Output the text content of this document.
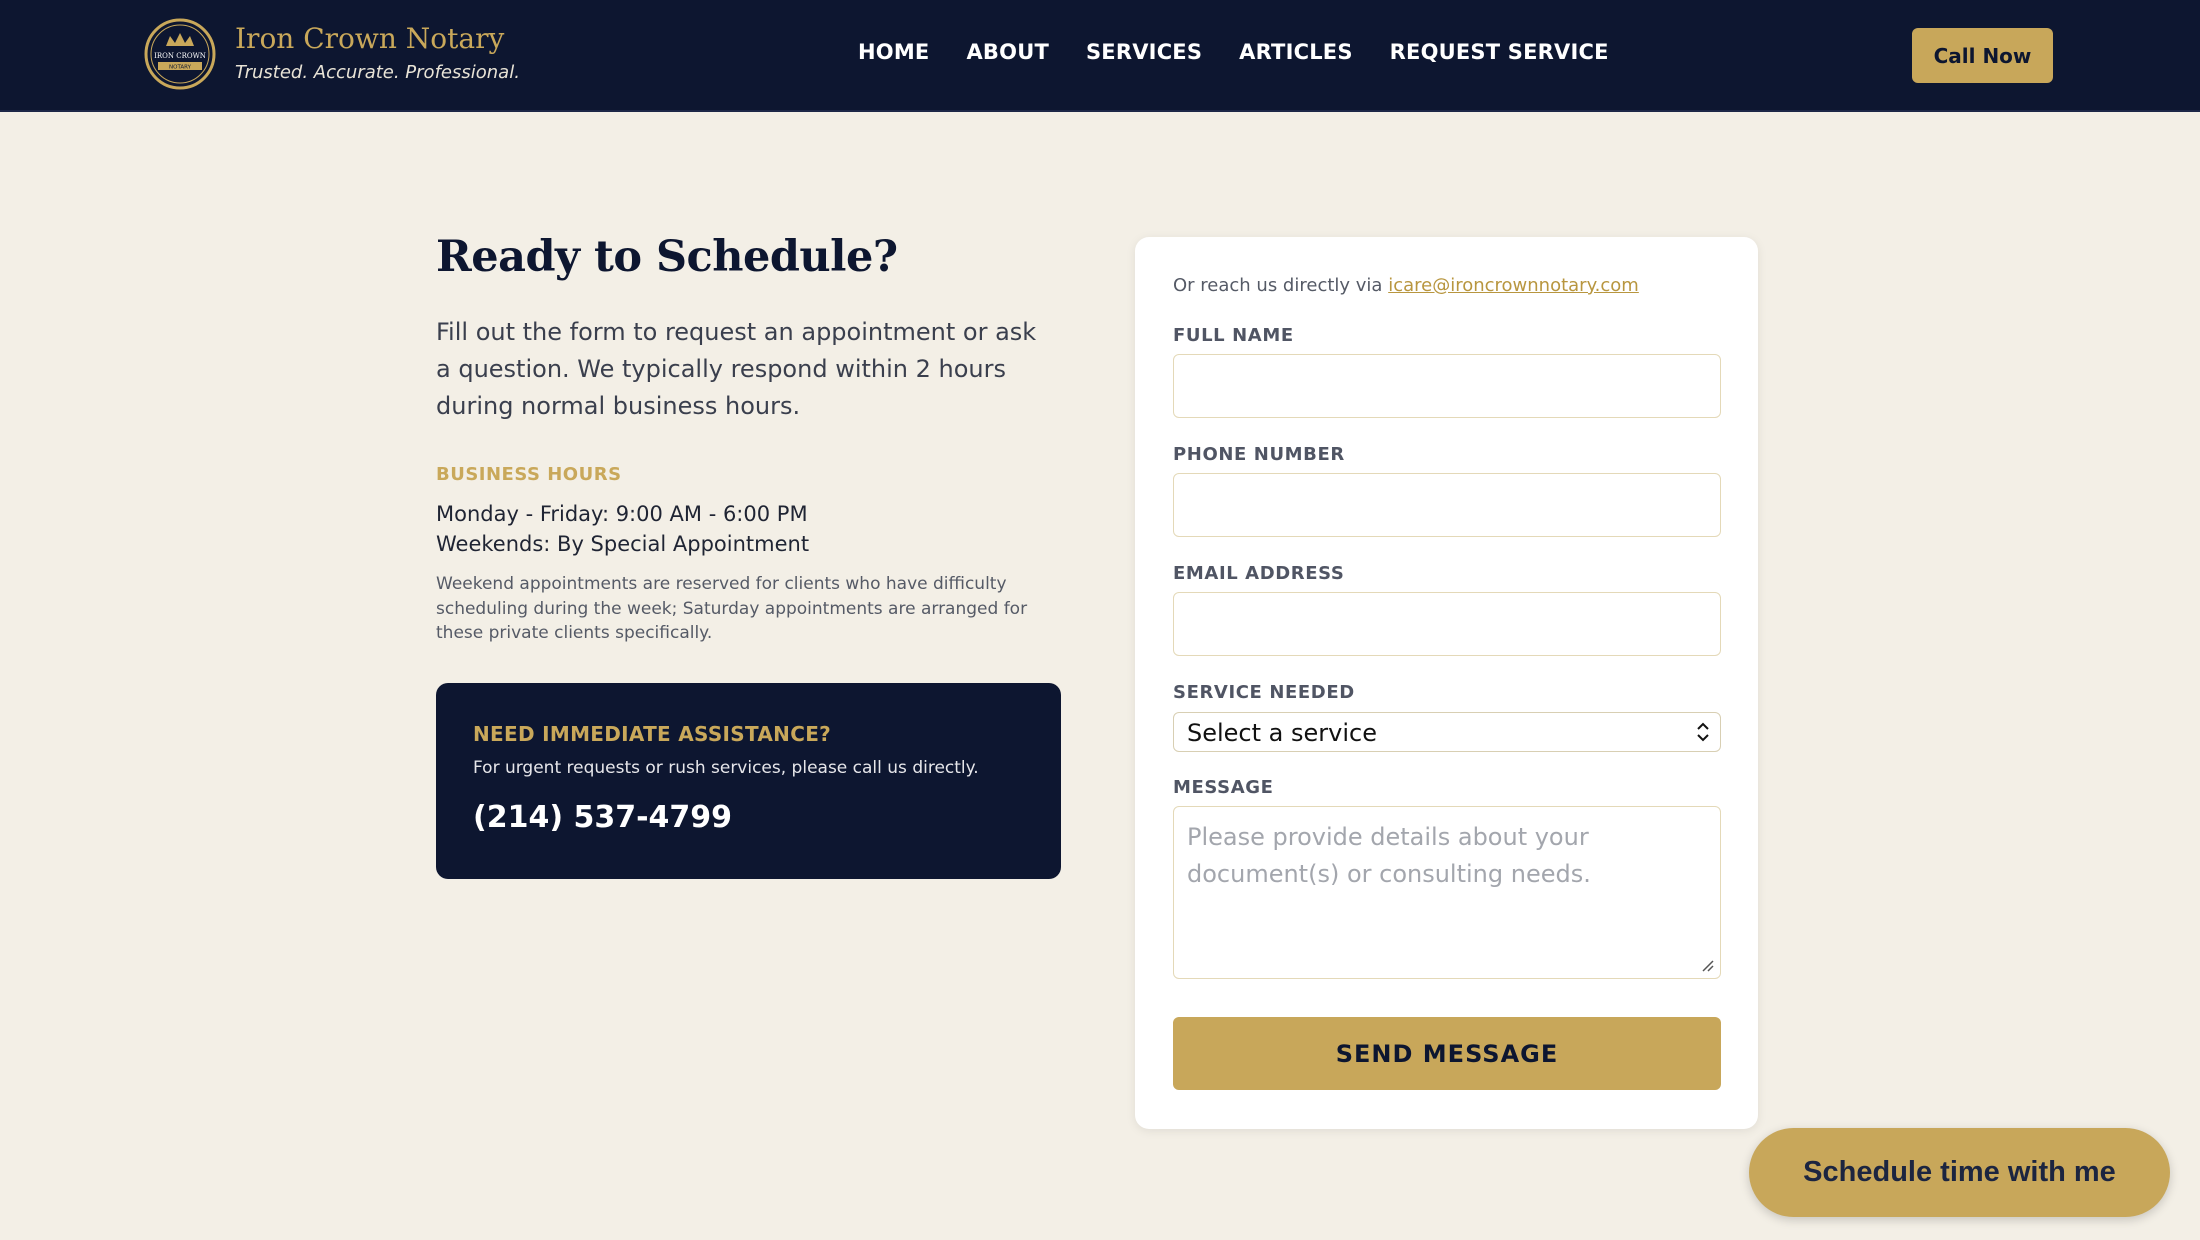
IRON CROWN
NOTARY
Iron Crown Notary
Trusted. Accurate. Professional.
HOME ABOUT SERVICES ARTICLES REQUEST SERVICE	Call Now
Ready to Schedule?

Fill out the form to request an appointment or ask a question. We typically respond within 2 hours during normal business hours.

BUSINESS HOURS
Monday - Friday: 9:00 AM - 6:00 PM
Weekends: By Special Appointment

Weekend appointments are reserved for clients who have difficulty scheduling during the week; Saturday appointments are arranged for these private clients specifically.

NEED IMMEDIATE ASSISTANCE?
For urgent requests or rush services, please call us directly.
(214) 537-4799
Or reach us directly via icare@ironcrownnotary.com
FULL NAME
PHONE NUMBER
EMAIL ADDRESS
SERVICE NEEDED
Select a service
MESSAGE
Please provide details about your document(s) or consulting needs.
SEND MESSAGE
Schedule time with me
